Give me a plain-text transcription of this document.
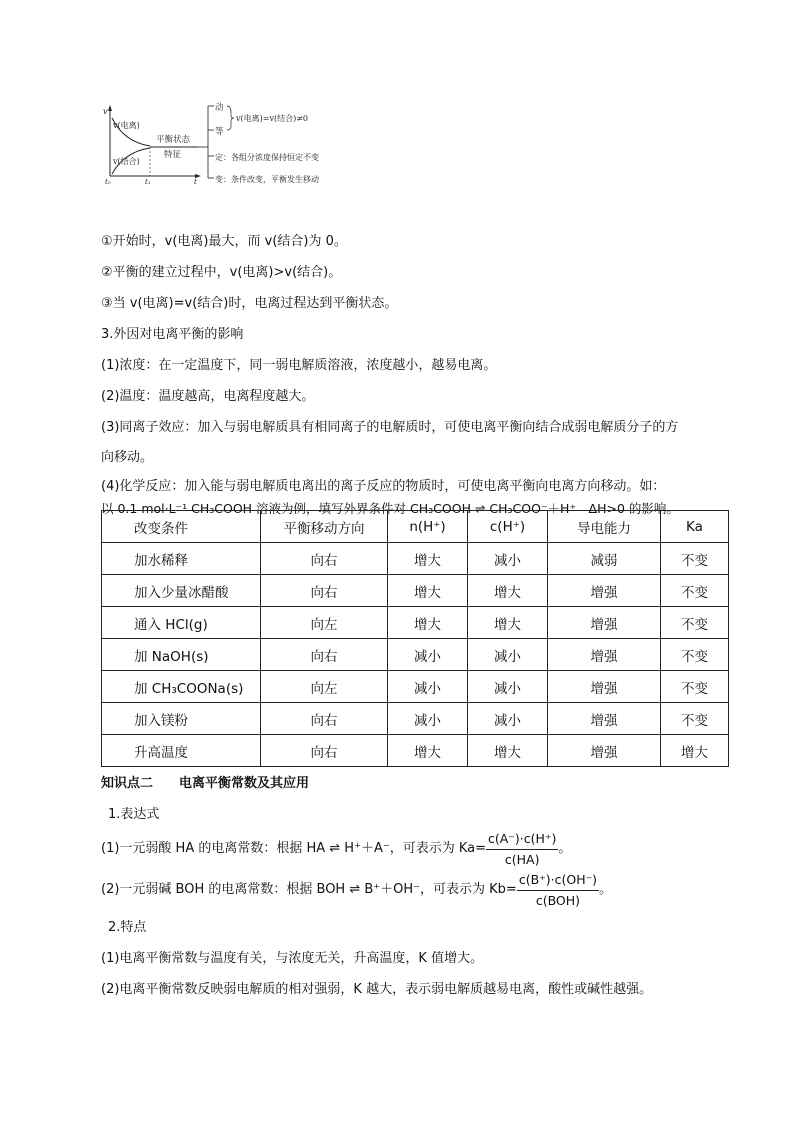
v
t₀	t₁	t
v(电离)
v(结合)
平衡状态
特征
动
等
v(电离)=v(结合)≠0
定：各组分浓度保持恒定不变
变：条件改变，平衡发生移动
①开始时，v(电离)最大，而 v(结合)为 0。
②平衡的建立过程中，v(电离)>v(结合)。
③当 v(电离)=v(结合)时，电离过程达到平衡状态。
3.外因对电离平衡的影响
(1)浓度：在一定温度下，同一弱电解质溶液，浓度越小，越易电离。
(2)温度：温度越高，电离程度越大。
(3)同离子效应：加入与弱电解质具有相同离子的电解质时，可使电离平衡向结合成弱电解质分子的方
向移动。
(4)化学反应：加入能与弱电解质电离出的离子反应的物质时，可使电离平衡向电离方向移动。如：
以 0.1 mol·L⁻¹ CH₃COOH 溶液为例，填写外界条件对 CH₃COOH ⇌ CH₃COO⁻＋H⁺　ΔH>0 的影响。
改变条件	平衡移动方向	n(H⁺)	c(H⁺)	导电能力	Ka
加水稀释	向右	增大	减小	减弱	不变
加入少量冰醋酸	向右	增大	增大	增强	不变
通入 HCl(g)	向左	增大	增大	增强	不变
加 NaOH(s)	向右	减小	减小	增强	不变
加 CH₃COONa(s)	向左	减小	减小	增强	不变
加入镁粉	向右	减小	减小	增强	不变
升高温度	向右	增大	增大	增强	增大
知识点二　　电离平衡常数及其应用
1.表达式
(1)一元弱酸 HA 的电离常数：根据 HA ⇌ H⁺＋A⁻，可表示为 $Ka= \frac{c(A^-)\cdot c(H^+)}{c(HA)}$ 。
(2)一元弱碱 BOH 的电离常数：根据 BOH ⇌ B⁺＋OH⁻，可表示为 $Kb= \frac{c(B^+)\cdot c(OH^-)}{\text{c(BOH)}}$ 。
2.特点
(1)电离平衡常数与温度有关，与浓度无关，升高温度，K 值增大。
(2)电离平衡常数反映弱电解质的相对强弱，K 越大，表示弱电解质越易电离，酸性或碱性越强。
